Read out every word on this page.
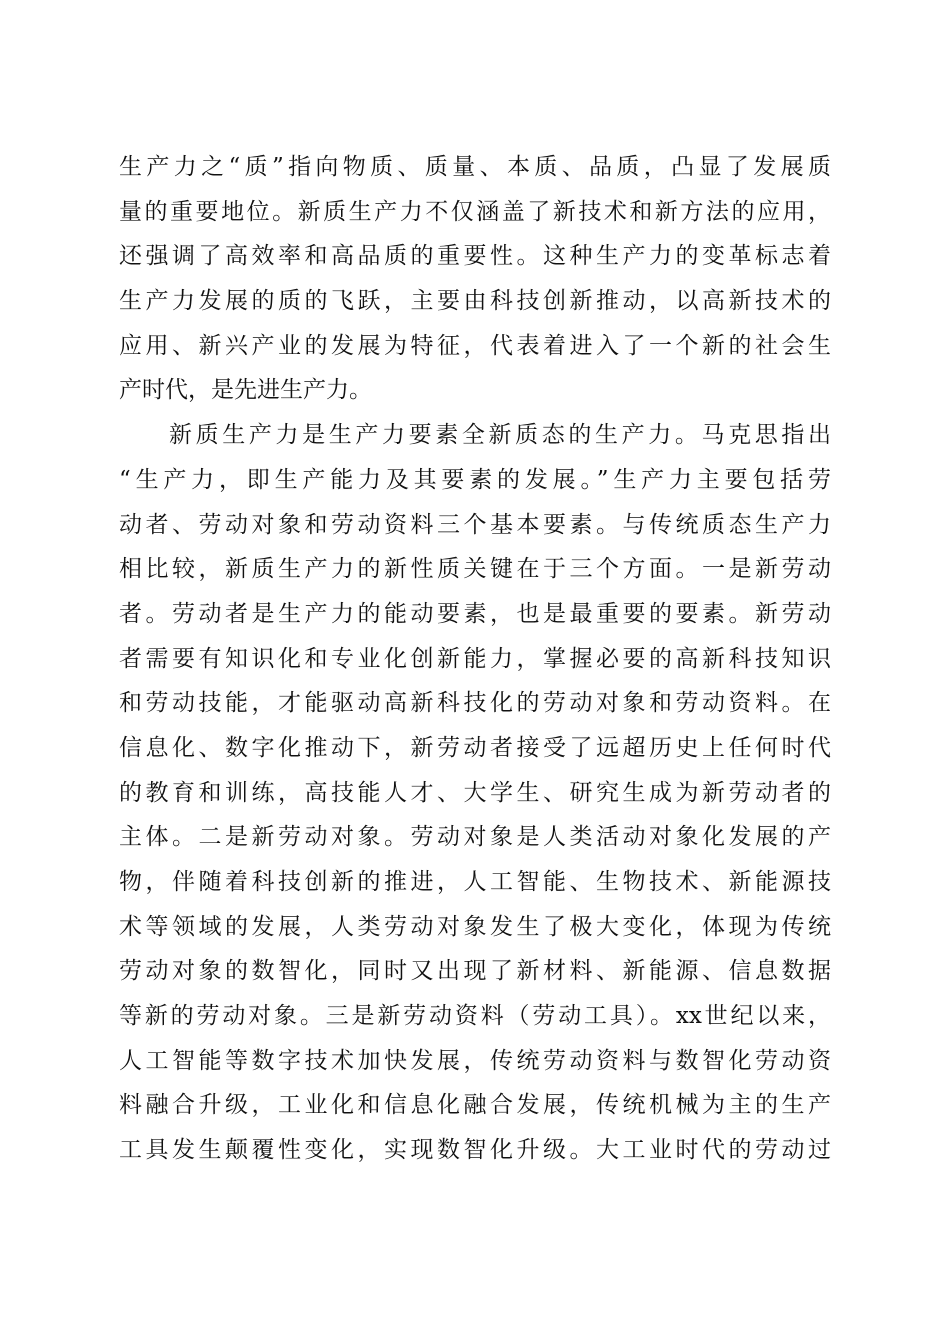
生产力之“质”指向物质、质量、本质、品质，凸显了发展质
量的重要地位。新质生产力不仅涵盖了新技术和新方法的应用，
还强调了高效率和高品质的重要性。这种生产力的变革标志着
生产力发展的质的飞跃，主要由科技创新推动，以高新技术的
应用、新兴产业的发展为特征，代表着进入了一个新的社会生
产时代，是先进生产力。
新质生产力是生产力要素全新质态的生产力。马克思指出
“生产力，即生产能力及其要素的发展。”生产力主要包括劳
动者、劳动对象和劳动资料三个基本要素。与传统质态生产力
相比较，新质生产力的新性质关键在于三个方面。一是新劳动
者。劳动者是生产力的能动要素，也是最重要的要素。新劳动
者需要有知识化和专业化创新能力，掌握必要的高新科技知识
和劳动技能，才能驱动高新科技化的劳动对象和劳动资料。在
信息化、数字化推动下，新劳动者接受了远超历史上任何时代
的教育和训练，高技能人才、大学生、研究生成为新劳动者的
主体。二是新劳动对象。劳动对象是人类活动对象化发展的产
物，伴随着科技创新的推进，人工智能、生物技术、新能源技
术等领域的发展，人类劳动对象发生了极大变化，体现为传统
劳动对象的数智化，同时又出现了新材料、新能源、信息数据
等新的劳动对象。三是新劳动资料（劳动工具）。xx世纪以来，
人工智能等数字技术加快发展，传统劳动资料与数智化劳动资
料融合升级，工业化和信息化融合发展，传统机械为主的生产
工具发生颠覆性变化，实现数智化升级。大工业时代的劳动过
